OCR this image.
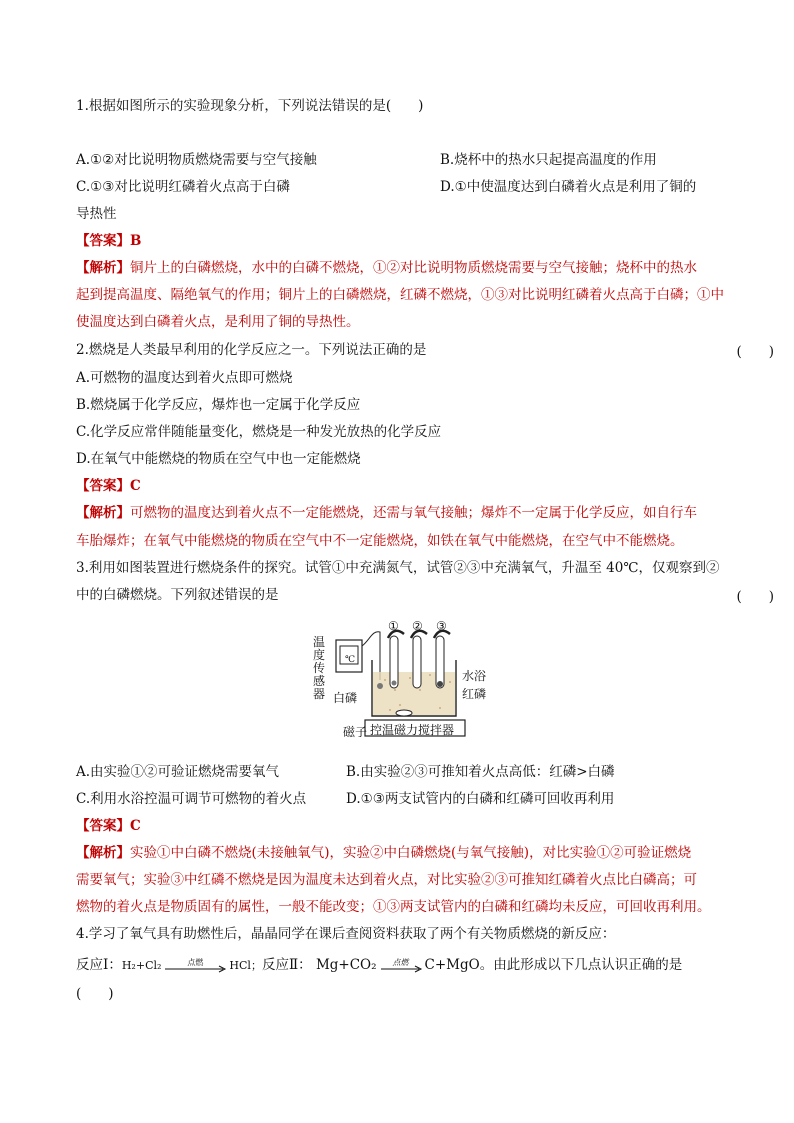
1.根据如图所示的实验现象分析，下列说法错误的是(　　)
A.①②对比说明物质燃烧需要与空气接触	B.烧杯中的热水只起提高温度的作用
C.①③对比说明红磷着火点高于白磷	D.①中使温度达到白磷着火点是利用了铜的
导热性
【答案】B
【解析】铜片上的白磷燃烧，水中的白磷不燃烧，①②对比说明物质燃烧需要与空气接触；烧杯中的热水
起到提高温度、隔绝氧气的作用；铜片上的白磷燃烧，红磷不燃烧，①③对比说明红磷着火点高于白磷；①中
使温度达到白磷着火点，是利用了铜的导热性。
2.燃烧是人类最早利用的化学反应之一。下列说法正确的是	(　　)
A.可燃物的温度达到着火点即可燃烧
B.燃烧属于化学反应，爆炸也一定属于化学反应
C.化学反应常伴随能量变化，燃烧是一种发光放热的化学反应
D.在氧气中能燃烧的物质在空气中也一定能燃烧
【答案】C
【解析】可燃物的温度达到着火点不一定能燃烧，还需与氧气接触；爆炸不一定属于化学反应，如自行车
车胎爆炸；在氧气中能燃烧的物质在空气中不一定能燃烧，如铁在氧气中能燃烧，在空气中不能燃烧。
3.利用如图装置进行燃烧条件的探究。试管①中充满氮气，试管②③中充满氧气，升温至 40℃，仅观察到②
中的白磷燃烧。下列叙述错误的是	(　　)
温度传感器
℃
① ② ③
水浴
红磷
白磷
磁子 控温磁力搅拌器
A.由实验①②可验证燃烧需要氧气	B.由实验②③可推知着火点高低：红磷>白磷
C.利用水浴控温可调节可燃物的着火点	D.①③两支试管内的白磷和红磷可回收再利用
【答案】C
【解析】实验①中白磷不燃烧(未接触氧气)，实验②中白磷燃烧(与氧气接触)，对比实验①②可验证燃烧
需要氧气；实验③中红磷不燃烧是因为温度未达到着火点，对比实验②③可推知红磷着火点比白磷高；可
燃物的着火点是物质固有的属性，一般不能改变；①③两支试管内的白磷和红磷均未反应，可回收再利用。
4.学习了氧气具有助燃性后，晶晶同学在课后查阅资料获取了两个有关物质燃烧的新反应：
反应Ⅰ：H₂+Cl₂	点燃	HCl；反应Ⅱ： Mg+CO₂	点燃	C+MgO。由此形成以下几点认识正确的是
(　　)
